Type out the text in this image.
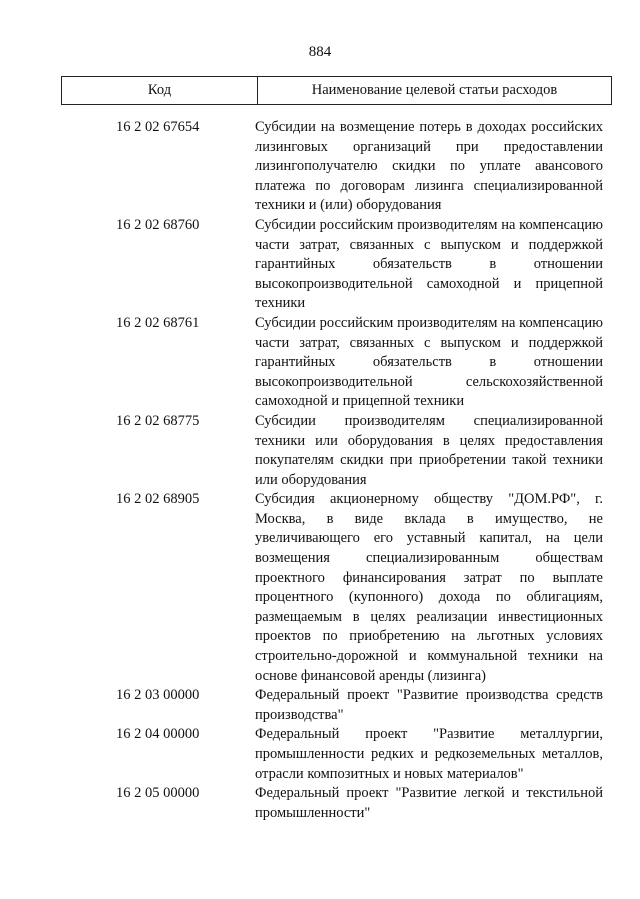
884
Код	Наименование целевой статьи расходов
16 2 02 67654	Субсидии на возмещение потерь в доходах российских лизинговых организаций при предоставлении лизингополучателю скидки по уплате авансового платежа по договорам лизинга специализированной техники и (или) оборудования
16 2 02 68760	Субсидии российским производителям на компенсацию части затрат, связанных с выпуском и поддержкой гарантийных обязательств в отношении высокопроизводительной самоходной и прицепной техники
16 2 02 68761	Субсидии российским производителям на компенсацию части затрат, связанных с выпуском и поддержкой гарантийных обязательств в отношении высокопроизводительной сельскохозяйственной самоходной и прицепной техники
16 2 02 68775	Субсидии производителям специализированной техники или оборудования в целях предоставления покупателям скидки при приобретении такой техники или оборудования
16 2 02 68905	Субсидия акционерному обществу "ДОМ.РФ", г. Москва, в виде вклада в имущество, не увеличивающего его уставный капитал, на цели возмещения специализированным обществам проектного финансирования затрат по выплате процентного (купонного) дохода по облигациям, размещаемым в целях реализации инвестиционных проектов по приобретению на льготных условиях строительно-дорожной и коммунальной техники на основе финансовой аренды (лизинга)
16 2 03 00000	Федеральный проект "Развитие производства средств производства"
16 2 04 00000	Федеральный проект "Развитие металлургии, промышленности редких и редкоземельных металлов, отрасли композитных и новых материалов"
16 2 05 00000	Федеральный проект "Развитие легкой и текстильной промышленности"
